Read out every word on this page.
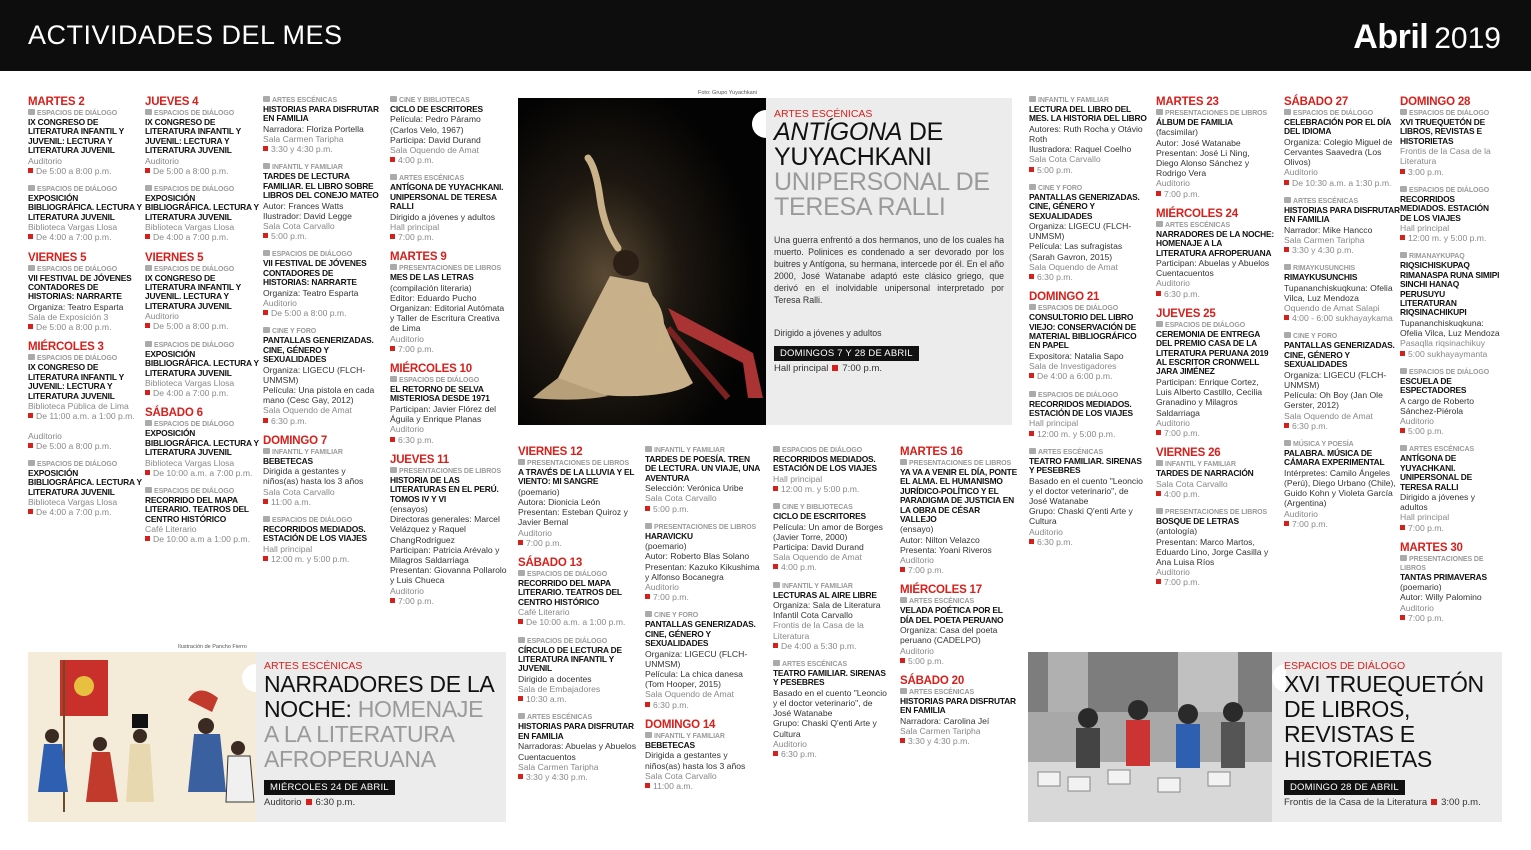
ACTIVIDADES DEL MES	Abril 2019
MARTES 2
ESPACIOS DE DIÁLOGO
IX CONGRESO DE LITERATURA INFANTIL Y JUVENIL: LECTURA Y LITERATURA JUVENIL
Auditorio
De 5:00 a 8:00 p.m.
ESPACIOS DE DIÁLOGO
EXPOSICIÓN BIBLIOGRÁFICA. LECTURA Y LITERATURA JUVENIL
Biblioteca Vargas Llosa
De 4:00 a 7:00 p.m.
VIERNES 5
ESPACIOS DE DIÁLOGO
VII FESTIVAL DE JÓVENES CONTADORES DE HISTORIAS: NARRARTE
Organiza: Teatro Esparta
Sala de Exposición 3
De 5:00 a 8:00 p.m.
MIÉRCOLES 3
ESPACIOS DE DIÁLOGO
IX CONGRESO DE LITERATURA INFANTIL Y JUVENIL: LECTURA Y LITERATURA JUVENIL
Biblioteca Pública de Lima
De 11:00 a.m. a 1:00 p.m.
Auditorio
De 5:00 a 8:00 p.m.
ESPACIOS DE DIÁLOGO
EXPOSICIÓN BIBLIOGRÁFICA. LECTURA Y LITERATURA JUVENIL
Biblioteca Vargas Llosa
De 4:00 a 7:00 p.m.
JUEVES 4
ESPACIOS DE DIÁLOGO
IX CONGRESO DE LITERATURA INFANTIL Y JUVENIL: LECTURA Y LITERATURA JUVENIL
Auditorio
De 5:00 a 8:00 p.m.
ESPACIOS DE DIÁLOGO
EXPOSICIÓN BIBLIOGRÁFICA. LECTURA Y LITERATURA JUVENIL
Biblioteca Vargas Llosa
De 4:00 a 7:00 p.m.
VIERNES 5
ESPACIOS DE DIÁLOGO
IX CONGRESO DE LITERATURA INFANTIL Y JUVENIL. LECTURA Y LITERATURA JUVENIL
Auditorio
De 5:00 a 8:00 p.m.
ESPACIOS DE DIÁLOGO
EXPOSICIÓN BIBLIOGRÁFICA. LECTURA Y LITERATURA JUVENIL
Biblioteca Vargas Llosa
De 4:00 a 7:00 p.m.
SÁBADO 6
ESPACIOS DE DIÁLOGO
EXPOSICIÓN BIBLIOGRÁFICA. LECTURA Y LITERATURA JUVENIL
Biblioteca Vargas Llosa
De 10:00 a.m. a 7:00 p.m.
ESPACIOS DE DIÁLOGO
RECORRIDO DEL MAPA LITERARIO. TEATROS DEL CENTRO HISTÓRICO
Café Literario
De 10:00 a.m a 1:00 p.m.
ARTES ESCÉNICAS
HISTORIAS PARA DISFRUTAR EN FAMILIA
Narradora: Floriza Portella
Sala Carmen Taripha
3:30 y 4:30 p.m.
INFANTIL Y FAMILIAR
TARDES DE LECTURA FAMILIAR. EL LIBRO SOBRE LIBROS DEL CONEJO MATEO
Autor: Frances Watts
Ilustrador: David Legge
Sala Cota Carvallo
5:00 p.m.
ESPACIOS DE DIÁLOGO
VII FESTIVAL DE JÓVENES CONTADORES DE HISTORIAS: NARRARTE
Organiza: Teatro Esparta
Auditorio
De 5:00 a 8:00 p.m.
CINE Y FORO
PANTALLAS GENERIZADAS. CINE, GÉNERO Y SEXUALIDADES
Organiza: LIGECU (FLCH-UNMSM)
Película: Una pistola en cada mano (Cesc Gay, 2012)
Sala Oquendo de Amat
6:30 p.m.
DOMINGO 7
INFANTIL Y FAMILIAR
BEBETECAS
Dirigida a gestantes y niños(as) hasta los 3 años
Sala Cota Carvallo
11:00 a.m.
ESPACIOS DE DIÁLOGO
RECORRIDOS MEDIADOS. ESTACIÓN DE LOS VIAJES
Hall principal
12:00 m. y 5:00 p.m.
CINE Y BIBLIOTECAS
CICLO DE ESCRITORES
Película: Pedro Páramo (Carlos Velo, 1967)
Participa: David Durand
Sala Oquendo de Amat
4:00 p.m.
ARTES ESCÉNICAS
ANTÍGONA DE YUYACHKANI. UNIPERSONAL DE TERESA RALLI
Dirigido a jóvenes y adultos
Hall principal
7:00 p.m.
MARTES 9
PRESENTACIONES DE LIBROS
MES DE LAS LETRAS
(compilación literaria)
Editor: Eduardo Pucho
Organizan: Editorial Autómata y Taller de Escritura Creativa de Lima
Auditorio
7:00 p.m.
MIÉRCOLES 10
ESPACIOS DE DIÁLOGO
EL RETORNO DE SELVA MISTERIOSA DESDE 1971
Participan: Javier Flórez del Águila y Enrique Planas
Auditorio
6:30 p.m.
JUEVES 11
PRESENTACIONES DE LIBROS
HISTORIA DE LAS LITERATURAS EN EL PERÚ. TOMOS IV Y VI
(ensayos)
Directoras generales: Marcel Velázquez y Raquel ChangRodríguez
Participan: Patricia Arévalo y Milagros Saldarriaga
Presentan: Giovanna Pollarolo y Luis Chueca
Auditorio
7:00 p.m.
VIERNES 12
PRESENTACIONES DE LIBROS
A TRAVÉS DE LA LLUVIA Y EL VIENTO: MI SANGRE
(poemario)
Autora: Dionicia León
Presentan: Esteban Quiroz y Javier Bernal
Auditorio
7:00 p.m.
SÁBADO 13
ESPACIOS DE DIÁLOGO
RECORRIDO DEL MAPA LITERARIO. TEATROS DEL CENTRO HISTÓRICO
Café Literario
De 10:00 a.m. a 1:00 p.m.
ESPACIOS DE DIÁLOGO
CÍRCULO DE LECTURA DE LITERATURA INFANTIL Y JUVENIL
Dirigido a docentes
Sala de Embajadores
10:30 a.m.
ARTES ESCÉNICAS
HISTORIAS PARA DISFRUTAR EN FAMILIA
Narradoras: Abuelas y Abuelos Cuentacuentos
Sala Carmen Taripha
3:30 y 4:30 p.m.
INFANTIL Y FAMILIAR
TARDES DE POESÍA. TREN DE LECTURA. UN VIAJE, UNA AVENTURA
Selección: Verónica Uribe
Sala Cota Carvallo
5:00 p.m.
PRESENTACIONES DE LIBROS
HARAVICKU
(poemario)
Autor: Roberto Blas Solano
Presentan: Kazuko Kikushima y Alfonso Bocanegra
Auditorio
7:00 p.m.
CINE Y FORO
PANTALLAS GENERIZADAS. CINE, GÉNERO Y SEXUALIDADES
Organiza: LIGECU (FLCH-UNMSM)
Película: La chica danesa (Tom Hooper, 2015)
Sala Oquendo de Amat
6:30 p.m.
DOMINGO 14
INFANTIL Y FAMILIAR
BEBETECAS
Dirigida a gestantes y niños(as) hasta los 3 años
Sala Cota Carvallo
11:00 a.m.
ESPACIOS DE DIÁLOGO
RECORRIDOS MEDIADOS. ESTACIÓN DE LOS VIAJES
Hall principal
12:00 m. y 5:00 p.m.
CINE Y BIBLIOTECAS
CICLO DE ESCRITORES
Película: Un amor de Borges (Javier Torre, 2000)
Participa: David Durand
Sala Oquendo de Amat
4:00 p.m.
INFANTIL Y FAMILIAR
LECTURAS AL AIRE LIBRE
Organiza: Sala de Literatura Infantil Cota Carvallo
Frontis de la Casa de la Literatura
De 4:00 a 5:30 p.m.
ARTES ESCÉNICAS
TEATRO FAMILIAR. SIRENAS Y PESEBRES
Basado en el cuento "Leoncio y el doctor veterinario", de José Watanabe
Grupo: Chaski Q'enti Arte y Cultura
Auditorio
6:30 p.m.
MARTES 16
PRESENTACIONES DE LIBROS
YA VA A VENIR EL DÍA, PONTE EL ALMA. EL HUMANISMO JURÍDICO-POLÍTICO Y EL PARADIGMA DE JUSTICIA EN LA OBRA DE CÉSAR VALLEJO
(ensayo)
Autor: Nilton Velazco
Presenta: Yoani Riveros
Auditorio
7:00 p.m.
MIÉRCOLES 17
ARTES ESCÉNICAS
VELADA POÉTICA POR EL DÍA DEL POETA PERUANO
Organiza: Casa del poeta peruano (CADELPO)
Auditorio
5:00 p.m.
SÁBADO 20
ARTES ESCÉNICAS
HISTORIAS PARA DISFRUTAR EN FAMILIA
Narradora: Carolina Jeí
Sala Carmen Taripha
3:30 y 4:30 p.m.
INFANTIL Y FAMILIAR
LECTURA DEL LIBRO DEL MES. LA HISTORIA DEL LIBRO
Autores: Ruth Rocha y Otávio Roth
Ilustradora: Raquel Coelho
Sala Cota Carvallo
5:00 p.m.
CINE Y FORO
PANTALLAS GENERIZADAS. CINE, GÉNERO Y SEXUALIDADES
Organiza: LIGECU (FLCH-UNMSM)
Película: Las sufragistas (Sarah Gavron, 2015)
Sala Oquendo de Amat
6:30 p.m.
DOMINGO 21
ESPACIOS DE DIÁLOGO
CONSULTORIO DEL LIBRO VIEJO: CONSERVACIÓN DE MATERIAL BIBLIOGRÁFICO EN PAPEL
Expositora: Natalia Sapo
Sala de Investigadores
De 4:00 a 6:00 p.m.
ESPACIOS DE DIÁLOGO
RECORRIDOS MEDIADOS. ESTACIÓN DE LOS VIAJES
Hall principal
12:00 m. y 5:00 p.m.
ARTES ESCÉNICAS
TEATRO FAMILIAR. SIRENAS Y PESEBRES
Basado en el cuento "Leoncio y el doctor veterinario", de José Watanabe
Grupo: Chaski Q'enti Arte y Cultura
Auditorio
6:30 p.m.
MARTES 23
PRESENTACIONES DE LIBROS
ÁLBUM DE FAMILIA
(facsimilar)
Autor: José Watanabe
Presentan: José Li Ning, Diego Alonso Sánchez y Rodrigo Vera
Auditorio
7:00 p.m.
MIÉRCOLES 24
ARTES ESCÉNICAS
NARRADORES DE LA NOCHE: HOMENAJE A LA LITERATURA AFROPERUANA
Participan: Abuelas y Abuelos Cuentacuentos
Auditorio
6:30 p.m.
JUEVES 25
ESPACIOS DE DIÁLOGO
CEREMONIA DE ENTREGA DEL PREMIO CASA DE LA LITERATURA PERUANA 2019 AL ESCRITOR CRONWELL JARA JIMÉNEZ
Participan: Enrique Cortez, Luis Alberto Castillo, Cecilia Granadino y Milagros Saldarriaga
Auditorio
7:00 p.m.
VIERNES 26
INFANTIL Y FAMILIAR
TARDES DE NARRACIÓN
Sala Cota Carvallo
4:00 p.m.
PRESENTACIONES DE LIBROS
BOSQUE DE LETRAS
(antología)
Presentan: Marco Martos, Eduardo Lino, Jorge Casilla y Ana Luisa Ríos
Auditorio
7:00 p.m.
SÁBADO 27
ESPACIOS DE DIÁLOGO
CELEBRACIÓN POR EL DÍA DEL IDIOMA
Organiza: Colegio Miguel de Cervantes Saavedra (Los Olivos)
Auditorio
De 10:30 a.m. a 1:30 p.m.
ARTES ESCÉNICAS
HISTORIAS PARA DISFRUTAR EN FAMILIA
Narrador: Mike Hancco
Sala Carmen Taripha
3:30 y 4:30 p.m.
RIMAYKUSUNCHIS
RIMAYKUSUNCHIS
Tupananchiskuqkuna: Ofelia Vilca, Luz Mendoza
Oquendo de Amat Salapi
4:00 - 6:00 sukhayaykama
CINE Y FORO
PANTALLAS GENERIZADAS. CINE, GÉNERO Y SEXUALIDADES
Organiza: LIGECU (FLCH-UNMSM)
Película: Oh Boy (Jan Ole Gerster, 2012)
Sala Oquendo de Amat
6:30 p.m.
MÚSICA Y POESÍA
PALABRA. MÚSICA DE CÁMARA EXPERIMENTAL
Intérpretes: Camilo Ángeles (Perú), Diego Urbano (Chile), Guido Kohn y Violeta García (Argentina)
Auditorio
7:00 p.m.
DOMINGO 28
ESPACIOS DE DIÁLOGO
XVI TRUEQUETÓN DE LIBROS, REVISTAS E HISTORIETAS
Frontis de la Casa de la Literatura
3:00 p.m.
ESPACIOS DE DIÁLOGO
RECORRIDOS MEDIADOS. ESTACIÓN DE LOS VIAJES
Hall principal
12:00 m. y 5:00 p.m.
RIMANAYKUPAQ
RIQSICHISKUPAQ RIMANASPA RUNA SIMIPI SINCHI HANAQ PERUSUYU LITERATURAN RIQSINACHIKUPI
Tupananchiskuqkuna: Ofelia Vilca, Luz Mendoza
Pasaqlla riqsinachikuy
5:00 sukhayaymanta
ESPACIOS DE DIÁLOGO
ESCUELA DE ESPECTADORES
A cargo de Roberto Sánchez-Piérola
Auditorio
5:00 p.m.
ARTES ESCÉNICAS
ANTÍGONA DE YUYACHKANI. UNIPERSONAL DE TERESA RALLI
Dirigido a jóvenes y adultos
Hall principal
7:00 p.m.
MARTES 30
PRESENTACIONES DE LIBROS
TANTAS PRIMAVERAS
(poemario)
Autor: Willy Palomino
Auditorio
7:00 p.m.
Foto: Grupo Yuyachkani
ARTES ESCÉNICAS
ANTÍGONA DE YUYACHKANI UNIPERSONAL DE TERESA RALLI
Una guerra enfrentó a dos hermanos, uno de los cuales ha muerto. Polinices es condenado a ser devorado por los buitres y Antígona, su hermana, intercede por él. En el año 2000, José Watanabe adaptó este clásico griego, que derivó en el inolvidable unipersonal interpretado por Teresa Ralli.
Dirigido a jóvenes y adultos
DOMINGOS 7 Y 28 DE ABRIL
Hall principal 7:00 p.m.
Ilustración de Pancho Fierro
ARTES ESCÉNICAS
NARRADORES DE LA NOCHE: HOMENAJE A LA LITERATURA AFROPERUANA
MIÉRCOLES 24 DE ABRIL
Auditorio 6:30 p.m.
ESPACIOS DE DIÁLOGO
XVI TRUEQUETÓN DE LIBROS, REVISTAS E HISTORIETAS
DOMINGO 28 DE ABRIL
Frontis de la Casa de la Literatura 3:00 p.m.
